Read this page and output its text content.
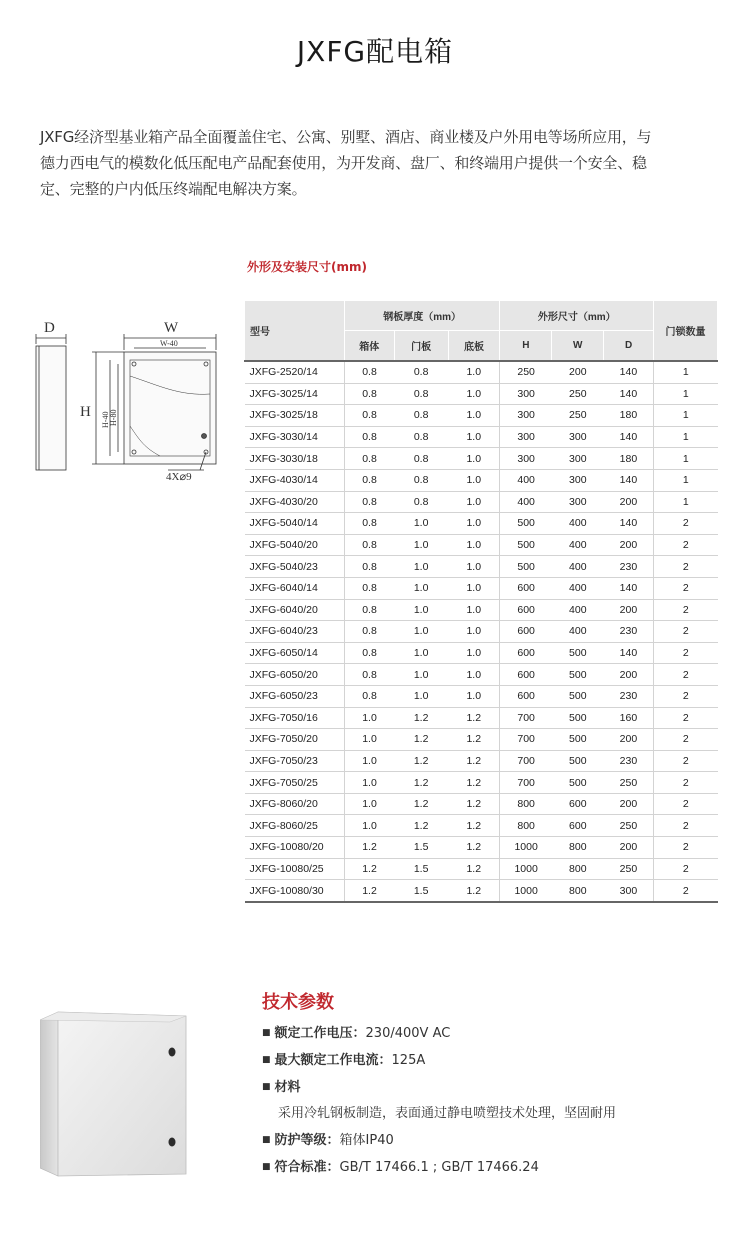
JXFG配电箱
JXFG经济型基业箱产品全面覆盖住宅、公寓、别墅、酒店、商业楼及户外用电等场所应用，与
德力西电气的模数化低压配电产品配套使用，为开发商、盘厂、和终端用户提供一个安全、稳
定、完整的户内低压终端配电解决方案。
外形及安装尺寸(mm)
D	W
W-40
H H-40 H-80
4X⌀9
型号	钢板厚度（mm）			外形尺寸（mm）			门锁数量
	箱体	门板	底板	H	W	D	
JXFG-2520/14	0.8	0.8	1.0	250	200	140	1
JXFG-3025/14	0.8	0.8	1.0	300	250	140	1
JXFG-3025/18	0.8	0.8	1.0	300	250	180	1
JXFG-3030/14	0.8	0.8	1.0	300	300	140	1
JXFG-3030/18	0.8	0.8	1.0	300	300	180	1
JXFG-4030/14	0.8	0.8	1.0	400	300	140	1
JXFG-4030/20	0.8	0.8	1.0	400	300	200	1
JXFG-5040/14	0.8	1.0	1.0	500	400	140	2
JXFG-5040/20	0.8	1.0	1.0	500	400	200	2
JXFG-5040/23	0.8	1.0	1.0	500	400	230	2
JXFG-6040/14	0.8	1.0	1.0	600	400	140	2
JXFG-6040/20	0.8	1.0	1.0	600	400	200	2
JXFG-6040/23	0.8	1.0	1.0	600	400	230	2
JXFG-6050/14	0.8	1.0	1.0	600	500	140	2
JXFG-6050/20	0.8	1.0	1.0	600	500	200	2
JXFG-6050/23	0.8	1.0	1.0	600	500	230	2
JXFG-7050/16	1.0	1.2	1.2	700	500	160	2
JXFG-7050/20	1.0	1.2	1.2	700	500	200	2
JXFG-7050/23	1.0	1.2	1.2	700	500	230	2
JXFG-7050/25	1.0	1.2	1.2	700	500	250	2
JXFG-8060/20	1.0	1.2	1.2	800	600	200	2
JXFG-8060/25	1.0	1.2	1.2	800	600	250	2
JXFG-10080/20	1.2	1.5	1.2	1000	800	200	2
JXFG-10080/25	1.2	1.5	1.2	1000	800	250	2
JXFG-10080/30	1.2	1.5	1.2	1000	800	300	2
技术参数
■ 额定工作电压：230/400V AC
■ 最大额定工作电流：125A
■ 材料
采用冷轧钢板制造，表面通过静电喷塑技术处理，坚固耐用
■ 防护等级：箱体IP40
■ 符合标准：GB/T 17466.1 ; GB/T 17466.24
